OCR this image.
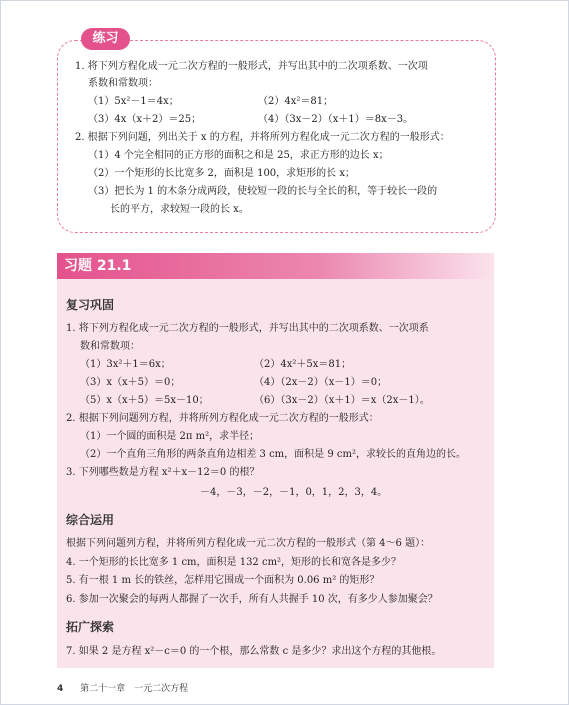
练习
1. 将下列方程化成一元二次方程的一般形式，并写出其中的二次项系数、一次项
系数和常数项：
（1）5x²－1＝4x；	（2）4x²＝81；
（3）4x（x＋2）＝25；	（4）（3x－2）（x＋1）＝8x－3。
2. 根据下列问题，列出关于 x 的方程，并将所列方程化成一元二次方程的一般形式：
（1）4 个完全相同的正方形的面积之和是 25，求正方形的边长 x；
（2）一个矩形的长比宽多 2，面积是 100，求矩形的长 x；
（3）把长为 1 的木条分成两段，使较短一段的长与全长的积，等于较长一段的
长的平方，求较短一段的长 x。
习题 21.1
复习巩固
1. 将下列方程化成一元二次方程的一般形式，并写出其中的二次项系数、一次项系
数和常数项：
（1）3x²＋1＝6x；	（2）4x²＋5x＝81；
（3）x（x＋5）＝0；	（4）（2x－2）（x－1）＝0；
（5）x（x＋5）＝5x－10；	（6）（3x－2）（x＋1）＝x（2x－1）。
2. 根据下列问题列方程，并将所列方程化成一元二次方程的一般形式：
（1）一个圆的面积是 2π m²，求半径；
（2）一个直角三角形的两条直角边相差 3 cm，面积是 9 cm²，求较长的直角边的长。
3. 下列哪些数是方程 x²＋x－12＝0 的根？
－4，－3，－2，－1，0，1，2，3，4。
综合运用
根据下列问题列方程，并将所列方程化成一元二次方程的一般形式（第 4～6 题）：
4. 一个矩形的长比宽多 1 cm，面积是 132 cm²，矩形的长和宽各是多少？
5. 有一根 1 m 长的铁丝，怎样用它围成一个面积为 0.06 m² 的矩形？
6. 参加一次聚会的每两人都握了一次手，所有人共握手 10 次，有多少人参加聚会？
拓广探索
7. 如果 2 是方程 x²－c＝0 的一个根，那么常数 c 是多少？求出这个方程的其他根。
4 第二十一章　一元二次方程
